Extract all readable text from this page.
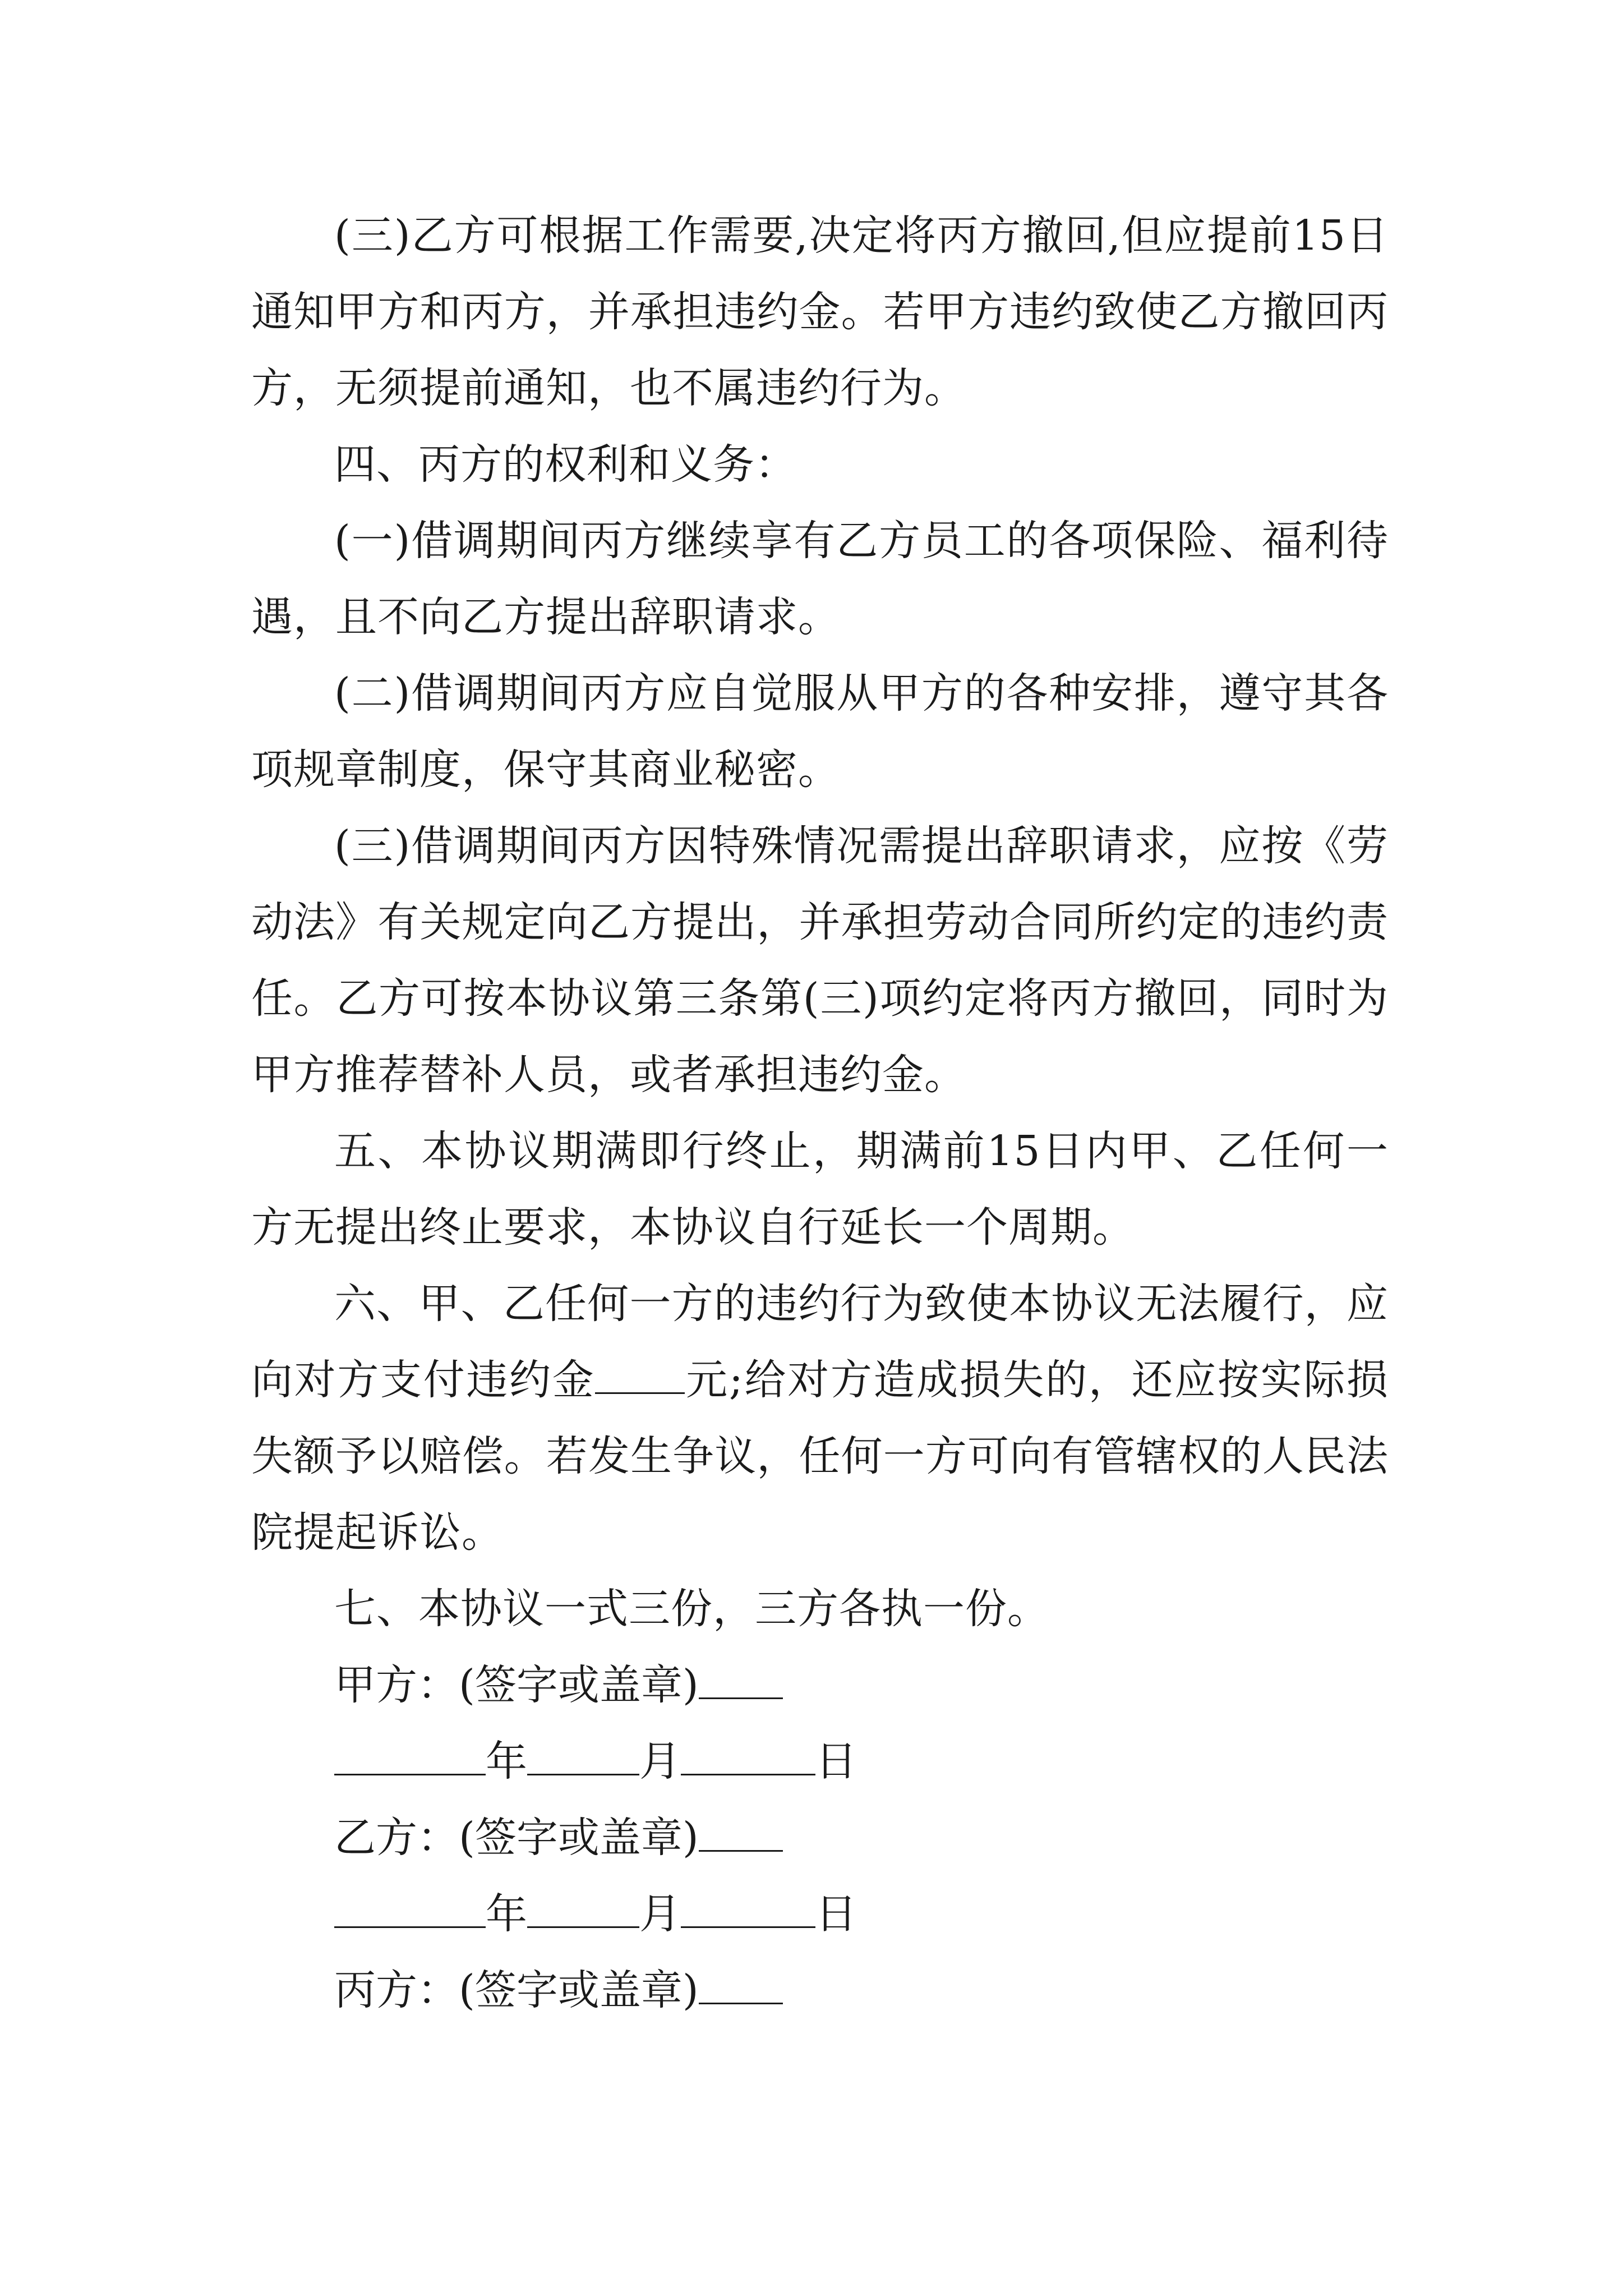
(三)乙方可根据工作需要,决定将丙方撤回,但应提前15日通知甲方和丙方，并承担违约金。若甲方违约致使乙方撤回丙方，无须提前通知，也不属违约行为。

四、丙方的权利和义务：

(一)借调期间丙方继续享有乙方员工的各项保险、福利待遇，且不向乙方提出辞职请求。

(二)借调期间丙方应自觉服从甲方的各种安排，遵守其各项规章制度，保守其商业秘密。

(三)借调期间丙方因特殊情况需提出辞职请求，应按《劳动法》有关规定向乙方提出，并承担劳动合同所约定的违约责任。乙方可按本协议第三条第(三)项约定将丙方撤回，同时为甲方推荐替补人员，或者承担违约金。

五、本协议期满即行终止，期满前15日内甲、乙任何一方无提出终止要求，本协议自行延长一个周期。

六、甲、乙任何一方的违约行为致使本协议无法履行，应向对方支付违约金 元;给对方造成损失的，还应按实际损失额予以赔偿。若发生争议，任何一方可向有管辖权的人民法院提起诉讼。

七、本协议一式三份，三方各执一份。

甲方：(签字或盖章)

年	月	日

乙方：(签字或盖章)

年	月	日

丙方：(签字或盖章)
